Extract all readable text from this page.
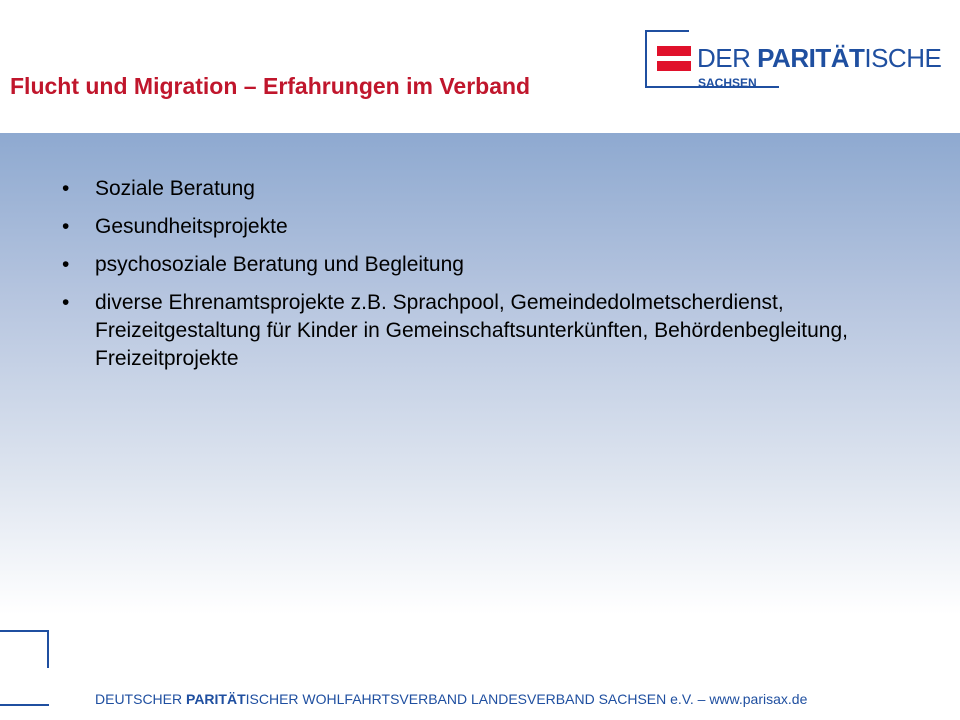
Flucht und Migration – Erfahrungen im Verband
DER PARITÄTISCHE
SACHSEN
• Soziale Beratung
• Gesundheitsprojekte
• psychosoziale Beratung und Begleitung
• diverse Ehrenamtsprojekte z.B. Sprachpool, Gemeindedolmetscherdienst, Freizeitgestaltung für Kinder in Gemeinschaftsunterkünften, Behördenbegleitung, Freizeitprojekte
DEUTSCHER PARITÄTISCHER WOHLFAHRTSVERBAND LANDESVERBAND SACHSEN e.V. – www.parisax.de
